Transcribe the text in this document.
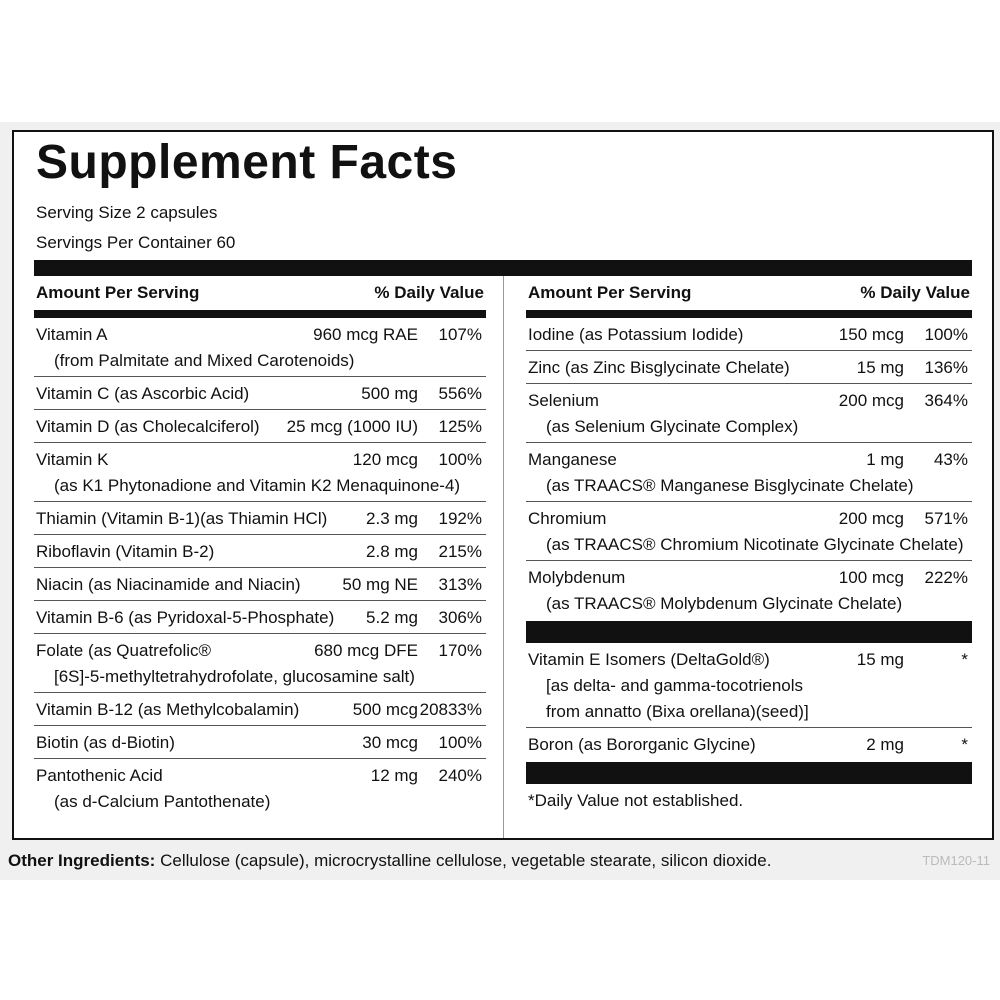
Supplement Facts
Serving Size 2 capsules
Servings Per Container 60
Amount Per Serving	% Daily Value
Vitamin A	960 mcg RAE 107%
(from Palmitate and Mixed Carotenoids)
Vitamin C (as Ascorbic Acid)	500 mg 556%
Vitamin D (as Cholecalciferol)	25 mcg (1000 IU) 125%
Vitamin K	120 mcg 100%
(as K1 Phytonadione and Vitamin K2 Menaquinone-4)
Thiamin (Vitamin B-1)(as Thiamin HCl)	2.3 mg 192%
Riboflavin (Vitamin B-2)	2.8 mg 215%
Niacin (as Niacinamide and Niacin)	50 mg NE 313%
Vitamin B-6 (as Pyridoxal-5-Phosphate)	5.2 mg 306%
Folate (as Quatrefolic®	680 mcg DFE 170%
[6S]-5-methyltetrahydrofolate, glucosamine salt)
Vitamin B-12 (as Methylcobalamin)	500 mcg 20833%
Biotin (as d-Biotin)	30 mcg 100%
Pantothenic Acid	12 mg 240%
(as d-Calcium Pantothenate)
Amount Per Serving	% Daily Value
Iodine (as Potassium Iodide)	150 mcg 100%
Zinc (as Zinc Bisglycinate Chelate)	15 mg 136%
Selenium	200 mcg 364%
(as Selenium Glycinate Complex)
Manganese	1 mg 43%
(as TRAACS® Manganese Bisglycinate Chelate)
Chromium	200 mcg 571%
(as TRAACS® Chromium Nicotinate Glycinate Chelate)
Molybdenum	100 mcg 222%
(as TRAACS® Molybdenum Glycinate Chelate)
Vitamin E Isomers (DeltaGold®)	15 mg	*
[as delta- and gamma-tocotrienols
from annatto (Bixa orellana)(seed)]
Boron (as Bororganic Glycine)	2 mg	*
*Daily Value not established.
Other Ingredients: Cellulose (capsule), microcrystalline cellulose, vegetable stearate, silicon dioxide.	TDM120-11
